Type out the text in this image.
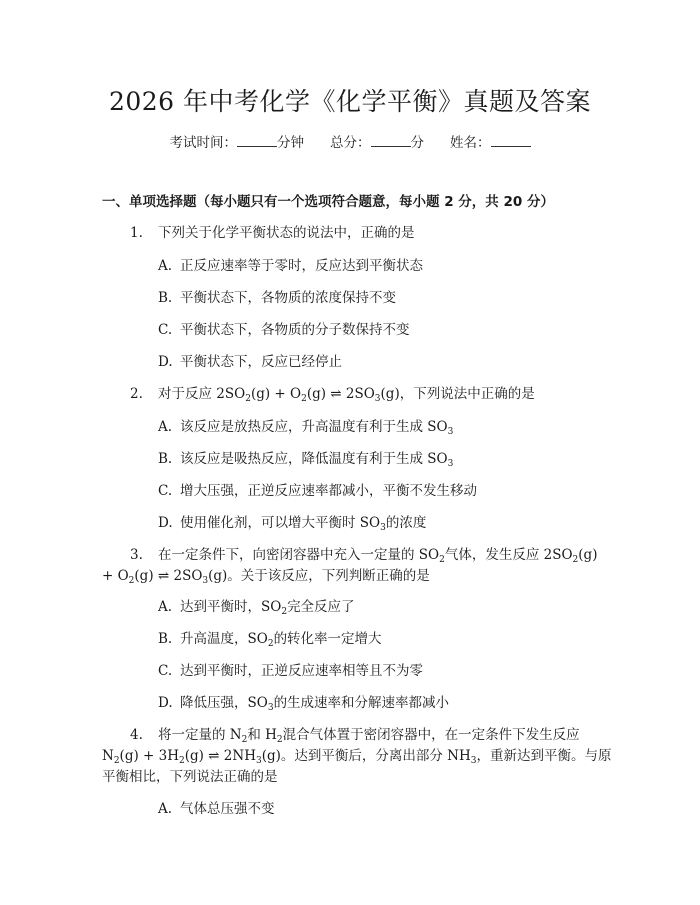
2026 年中考化学《化学平衡》真题及答案
考试时间：	分钟 总分：	分 姓名：
一、单项选择题（每小题只有一个选项符合题意，每小题 2 分，共 20 分）
1. 下列关于化学平衡状态的说法中，正确的是
A. 正反应速率等于零时，反应达到平衡状态
B. 平衡状态下，各物质的浓度保持不变
C. 平衡状态下，各物质的分子数保持不变
D. 平衡状态下，反应已经停止
2. 对于反应 $2SO_2(g) + O_2(g)$ ⇌ $2SO_3(g)$，下列说法中正确的是
A. 该反应是放热反应，升高温度有利于生成 $SO_3$
B. 该反应是吸热反应，降低温度有利于生成 $SO_3$
C. 增大压强，正逆反应速率都减小，平衡不发生移动
D. 使用催化剂，可以增大平衡时 $SO_3$的浓度
3. 在一定条件下，向密闭容器中充入一定量的 $SO_2$气体，发生反应 $2SO_2(g)$
+ $O_2(g)$ ⇌ $2SO_3(g)$。关于该反应，下列判断正确的是
A. 达到平衡时，$SO_2$完全反应了
B. 升高温度，$SO_2$的转化率一定增大
C. 达到平衡时，正逆反应速率相等且不为零
D. 降低压强，$SO_3$的生成速率和分解速率都减小
4. 将一定量的 $N_2$和 $H_2$混合气体置于密闭容器中，在一定条件下发生反应
$N_2(g) + 3H_2(g)$ ⇌ $2NH_3(g)$。达到平衡后，分离出部分 $NH_3$，重新达到平衡。与原
平衡相比，下列说法正确的是
A. 气体总压强不变
